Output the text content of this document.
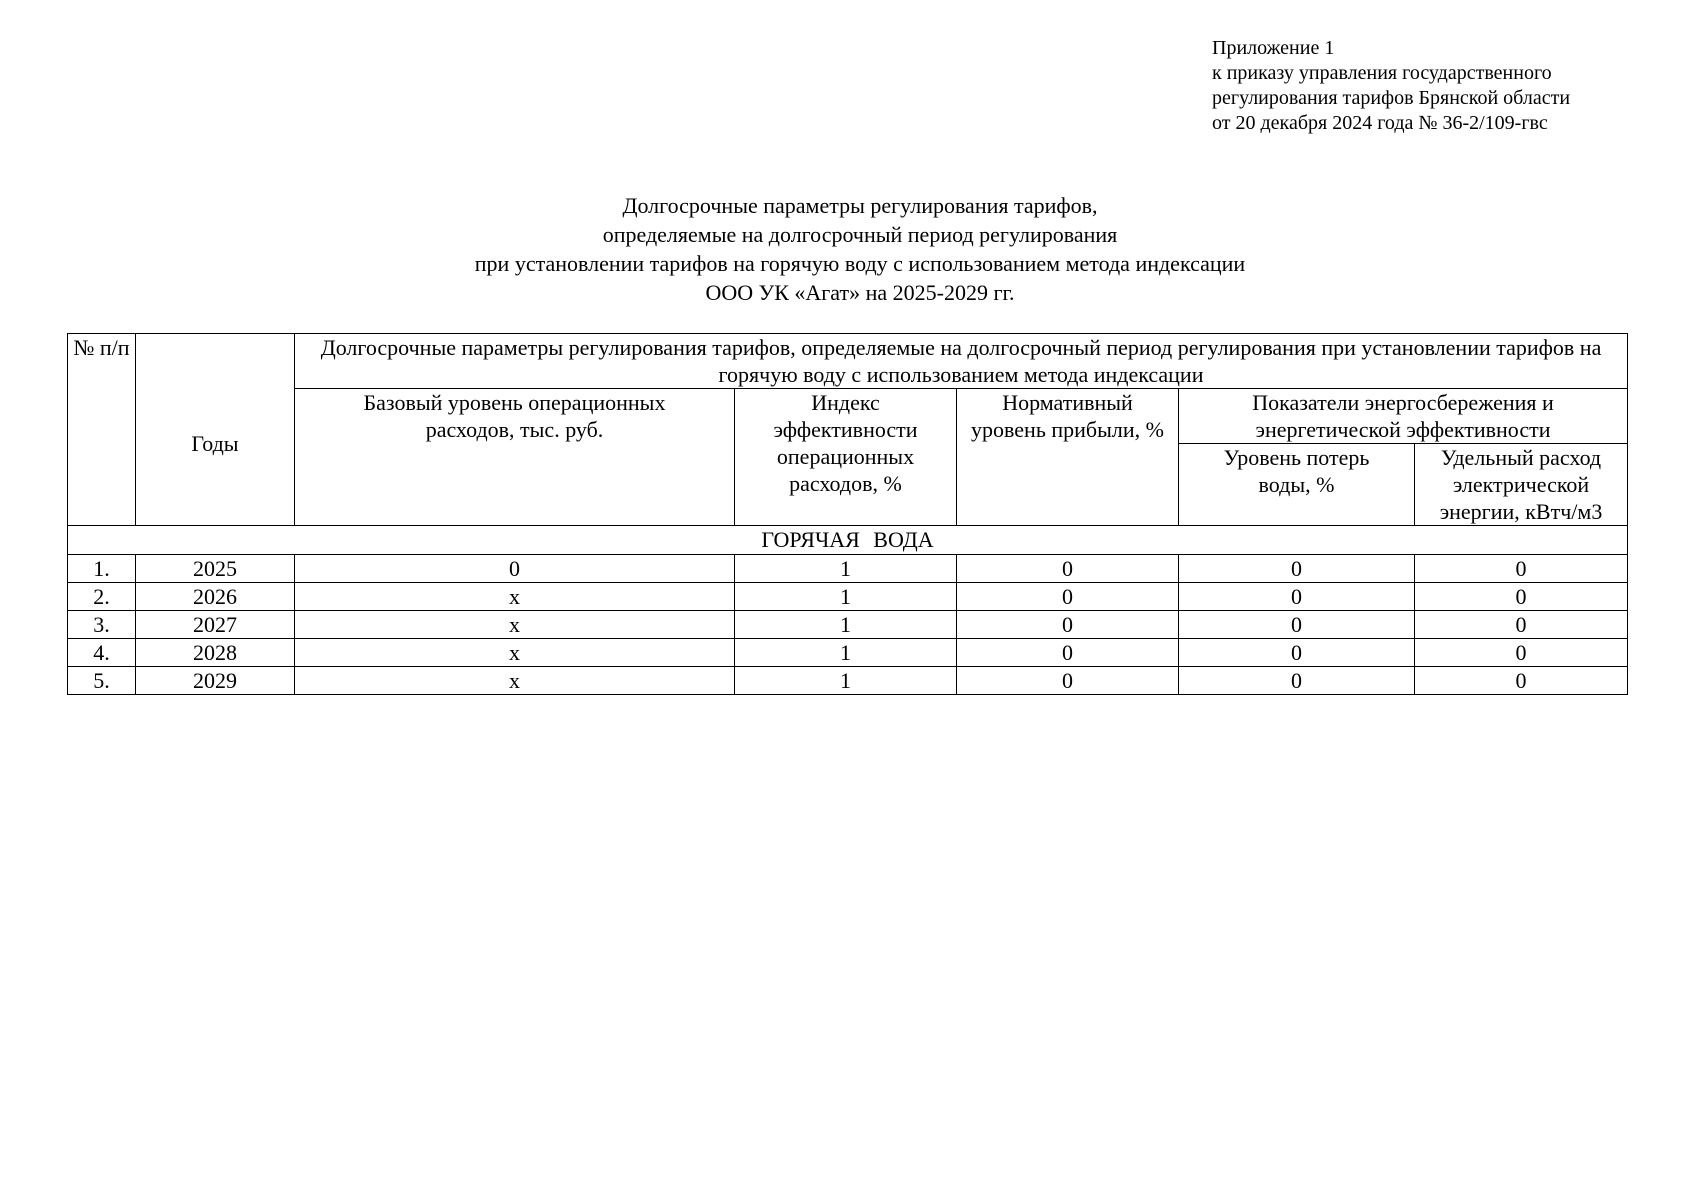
Приложение 1
к приказу управления государственного
регулирования тарифов Брянской области
от 20 декабря 2024 года № 36-2/109-гвс
Долгосрочные параметры регулирования тарифов,
определяемые на долгосрочный период регулирования
при установлении тарифов на горячую воду с использованием метода индексации
ООО УК «Агат» на 2025-2029 гг.
№ п/п	Годы	Долгосрочные параметры регулирования тарифов, определяемые на долгосрочный период регулирования при установлении тарифов на горячую воду с использованием метода индексации				
		Базовый уровень операционных расходов, тыс. руб.	Индекс эффективности операционных расходов, %	Нормативный уровень прибыли, %	Показатели энергосбережения и энергетической эффективности	
					Уровень потерь воды, %	Удельный расход электрической энергии, кВтч/м3
ГОРЯЧАЯ ВОДА						
1.	2025	0	1	0	0	0
2.	2026	х	1	0	0	0
3.	2027	х	1	0	0	0
4.	2028	х	1	0	0	0
5.	2029	х	1	0	0	0
